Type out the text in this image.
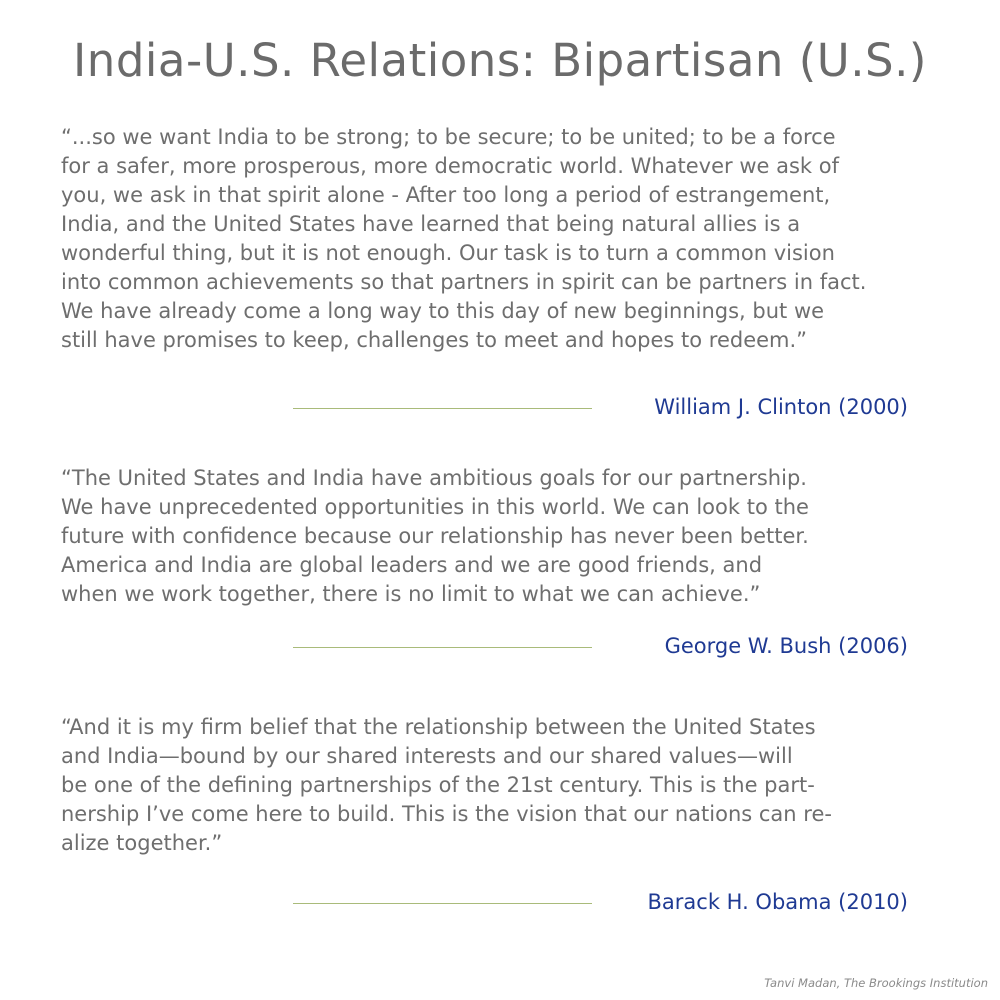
India-U.S. Relations: Bipartisan (U.S.)
“...so we want India to be strong; to be secure; to be united; to be a force
for a safer, more prosperous, more democratic world. Whatever we ask of
you, we ask in that spirit alone - After too long a period of estrangement,
India, and the United States have learned that being natural allies is a
wonderful thing, but it is not enough. Our task is to turn a common vision
into common achievements so that partners in spirit can be partners in fact.
We have already come a long way to this day of new beginnings, but we
still have promises to keep, challenges to meet and hopes to redeem.”
William J. Clinton (2000)
“The United States and India have ambitious goals for our partnership.
We have unprecedented opportunities in this world. We can look to the
future with confidence because our relationship has never been better.
America and India are global leaders and we are good friends, and
when we work together, there is no limit to what we can achieve.”
George W. Bush (2006)
“And it is my firm belief that the relationship between the United States
and India—bound by our shared interests and our shared values—will
be one of the defining partnerships of the 21st century. This is the part-
nership I’ve come here to build. This is the vision that our nations can re-
alize together.”
Barack H. Obama (2010)
Tanvi Madan, The Brookings Institution
